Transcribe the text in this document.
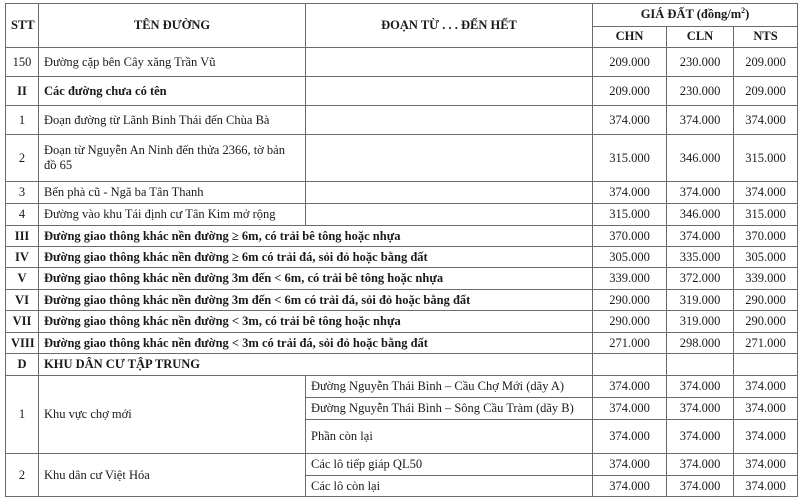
STT	TÊN ĐƯỜNG	ĐOẠN TỪ . . . ĐẾN HẾT	GIÁ ĐẤT $(đồng/m^2)$		
			CHN	CLN	NTS
150	Đường cặp bên Cây xăng Trần Vũ		209.000	230.000	209.000
II	Các đường chưa có tên		209.000	230.000	209.000
1	Đoạn đường từ Lãnh Binh Thái đến Chùa Bà		374.000	374.000	374.000
2	Đoạn từ Nguyễn An Ninh đến thửa 2366, tờ bản đồ 65		315.000	346.000	315.000
3	Bến phà cũ - Ngã ba Tân Thanh		374.000	374.000	374.000
4	Đường vào khu Tái định cư Tân Kim mở rộng		315.000	346.000	315.000
III	Đường giao thông khác nền đường ≥ 6m, có trải bê tông hoặc nhựa		370.000	374.000	370.000
IV	Đường giao thông khác nền đường ≥ 6m có trải đá, sỏi đỏ hoặc bằng đất		305.000	335.000	305.000
V	Đường giao thông khác nền đường 3m đến < 6m, có trải bê tông hoặc nhựa		339.000	372.000	339.000
VI	Đường giao thông khác nền đường 3m đến < 6m có trải đá, sỏi đỏ hoặc bằng đất		290.000	319.000	290.000
VII	Đường giao thông khác nền đường < 3m, có trải bê tông hoặc nhựa		290.000	319.000	290.000
VIII	Đường giao thông khác nền đường < 3m có trải đá, sỏi đỏ hoặc bằng đất		271.000	298.000	271.000
D	KHU DÂN CƯ TẬP TRUNG				
1	Khu vực chợ mới	Đường Nguyễn Thái Bình – Cầu Chợ Mới (dãy A)	374.000	374.000	374.000
		Đường Nguyễn Thái Bình – Sông Cầu Tràm (dãy B)	374.000	374.000	374.000
		Phần còn lại	374.000	374.000	374.000
2	Khu dân cư Việt Hóa	Các lô tiếp giáp QL50	374.000	374.000	374.000
		Các lô còn lại	374.000	374.000	374.000
